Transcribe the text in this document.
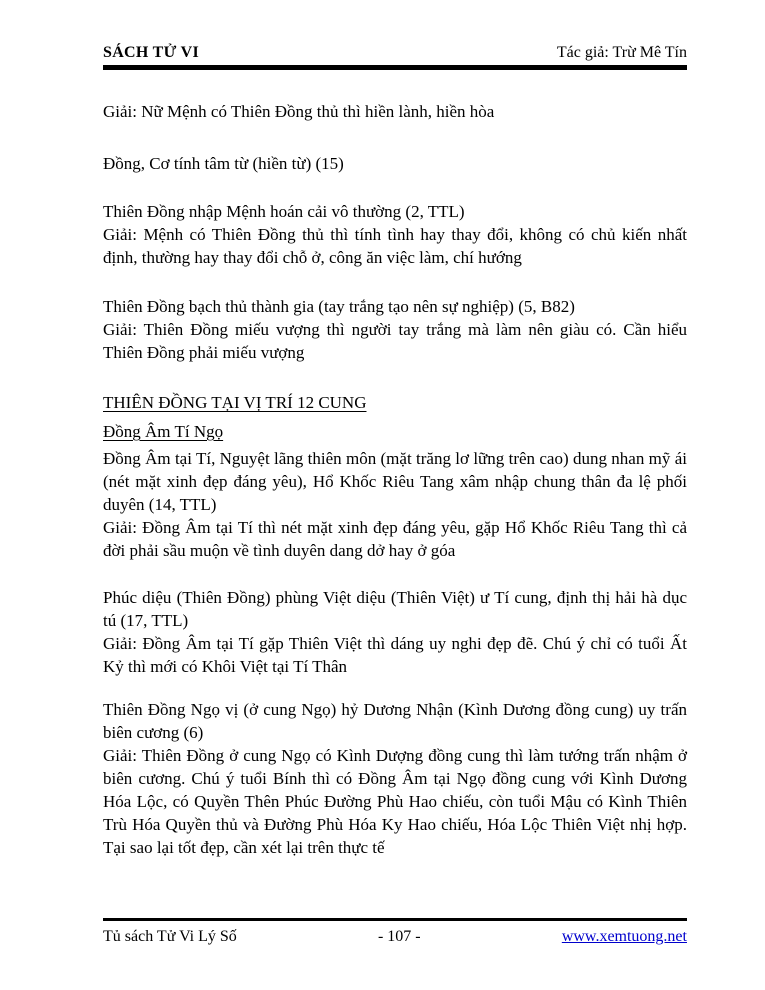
SÁCH TỬ VI	Tác giả: Trừ Mê Tín

Giải: Nữ Mệnh có Thiên Đồng thủ thì hiền lành, hiền hòa

Đồng, Cơ tính tâm từ (hiền từ) (15)

Thiên Đồng nhập Mệnh hoán cải vô thường (2, TTL)

Giải: Mệnh có Thiên Đồng thủ thì tính tình hay thay đổi, không có chủ kiến nhất định, thường hay thay đổi chỗ ở, công ăn việc làm, chí hướng

Thiên Đồng bạch thủ thành gia (tay trắng tạo nên sự nghiệp) (5, B82)

Giải: Thiên Đồng miếu vượng thì người tay trắng mà làm nên giàu có. Cần hiểu Thiên Đồng phải miếu vượng

THIÊN ĐỒNG TẠI VỊ TRÍ 12 CUNG

Đồng Âm Tí Ngọ

Đồng Âm tại Tí, Nguyệt lãng thiên môn (mặt trăng lơ lững trên cao) dung nhan mỹ ái (nét mặt xinh đẹp đáng yêu), Hổ Khốc Riêu Tang xâm nhập chung thân đa lệ phối duyên (14, TTL)

Giải: Đồng Âm tại Tí thì nét mặt xinh đẹp đáng yêu, gặp Hổ Khốc Riêu Tang thì cả đời phải sầu muộn về tình duyên dang dở hay ở góa

Phúc diệu (Thiên Đồng) phùng Việt diệu (Thiên Việt) ư Tí cung, định thị hải hà dục tú (17, TTL)

Giải: Đồng Âm tại Tí gặp Thiên Việt thì dáng uy nghi đẹp đẽ. Chú ý chỉ có tuổi Ất Kỷ thì mới có Khôi Việt tại Tí Thân

Thiên Đồng Ngọ vị (ở cung Ngọ) hỷ Dương Nhận (Kình Dương đồng cung) uy trấn biên cương (6)

Giải: Thiên Đồng ở cung Ngọ có Kình Dượng đồng cung thì làm tướng trấn nhậm ở biên cương. Chú ý tuổi Bính thì có Đồng Âm tại Ngọ đồng cung với Kình Dương Hóa Lộc, có Quyền Thên Phúc Đường Phù Hao chiếu, còn tuổi Mậu có Kình Thiên Trù Hóa Quyền thủ và Đường Phù Hóa Ky Hao chiếu, Hóa Lộc Thiên Việt nhị hợp. Tại sao lại tốt đẹp, cần xét lại trên thực tế

Tủ sách Tử Vi Lý Số	- 107 -	www.xemtuong.net
